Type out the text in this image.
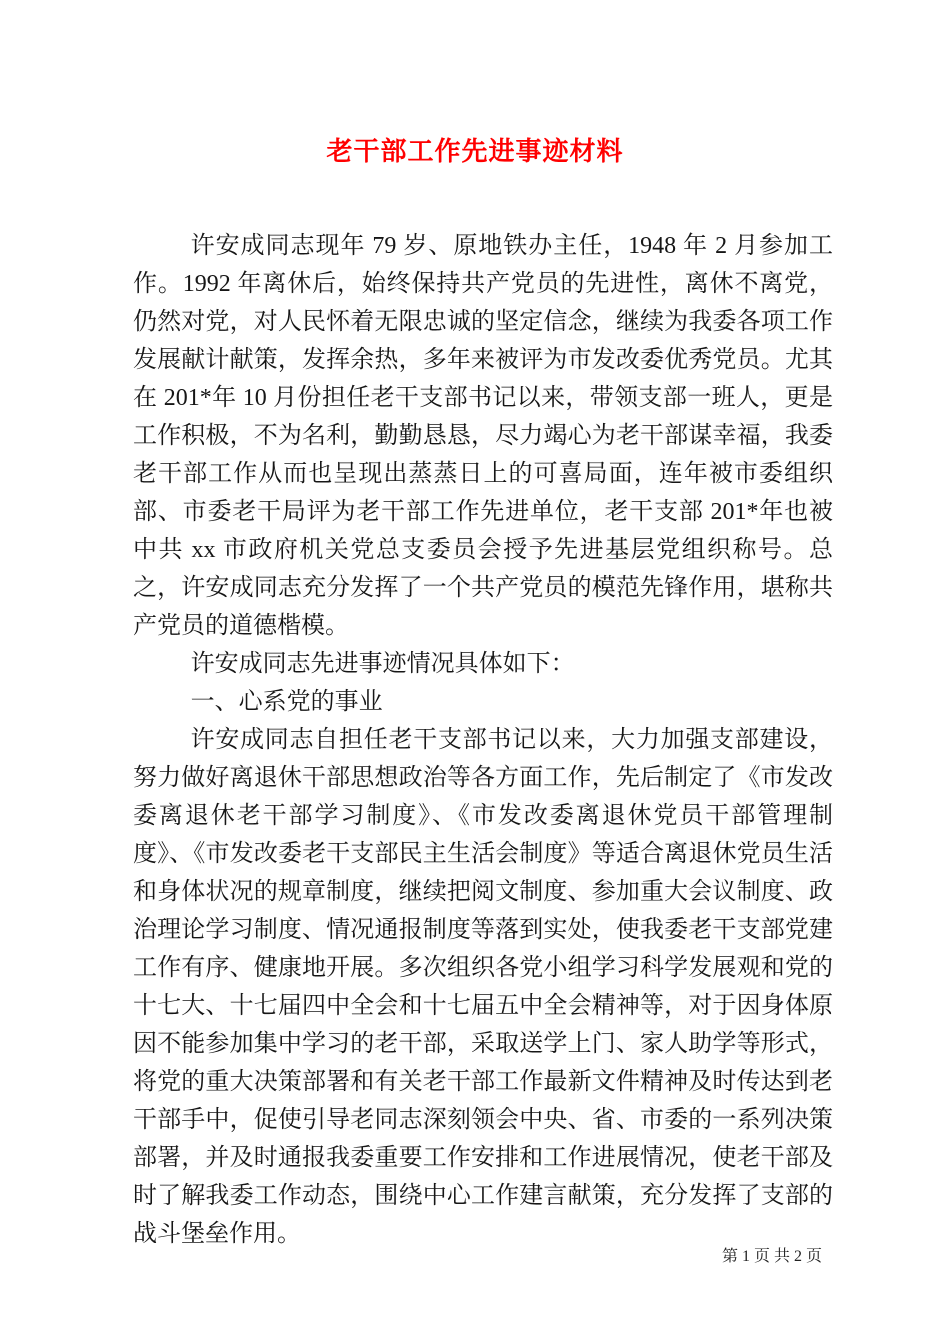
老干部工作先进事迹材料

许安成同志现年 79 岁、原地铁办主任，1948 年 2 月参加工作。1992 年离休后，始终保持共产党员的先进性，离休不离党，仍然对党，对人民怀着无限忠诚的坚定信念，继续为我委各项工作发展献计献策，发挥余热，多年来被评为市发改委优秀党员。尤其在 201*年 10 月份担任老干支部书记以来，带领支部一班人，更是工作积极，不为名利，勤勤恳恳，尽力竭心为老干部谋幸福，我委老干部工作从而也呈现出蒸蒸日上的可喜局面，连年被市委组织部、市委老干局评为老干部工作先进单位，老干支部 201*年也被中共 xx 市政府机关党总支委员会授予先进基层党组织称号。总之，许安成同志充分发挥了一个共产党员的模范先锋作用，堪称共产党员的道德楷模。

许安成同志先进事迹情况具体如下：

一、心系党的事业

许安成同志自担任老干支部书记以来，大力加强支部建设，努力做好离退休干部思想政治等各方面工作，先后制定了《市发改委离退休老干部学习制度》、《市发改委离退休党员干部管理制度》、《市发改委老干支部民主生活会制度》等适合离退休党员生活和身体状况的规章制度，继续把阅文制度、参加重大会议制度、政治理论学习制度、情况通报制度等落到实处，使我委老干支部党建工作有序、健康地开展。多次组织各党小组学习科学发展观和党的十七大、十七届四中全会和十七届五中全会精神等，对于因身体原因不能参加集中学习的老干部，采取送学上门、家人助学等形式，将党的重大决策部署和有关老干部工作最新文件精神及时传达到老干部手中，促使引导老同志深刻领会中央、省、市委的一系列决策部署，并及时通报我委重要工作安排和工作进展情况，使老干部及时了解我委工作动态，围绕中心工作建言献策，充分发挥了支部的战斗堡垒作用。

第 1 页 共 2 页
